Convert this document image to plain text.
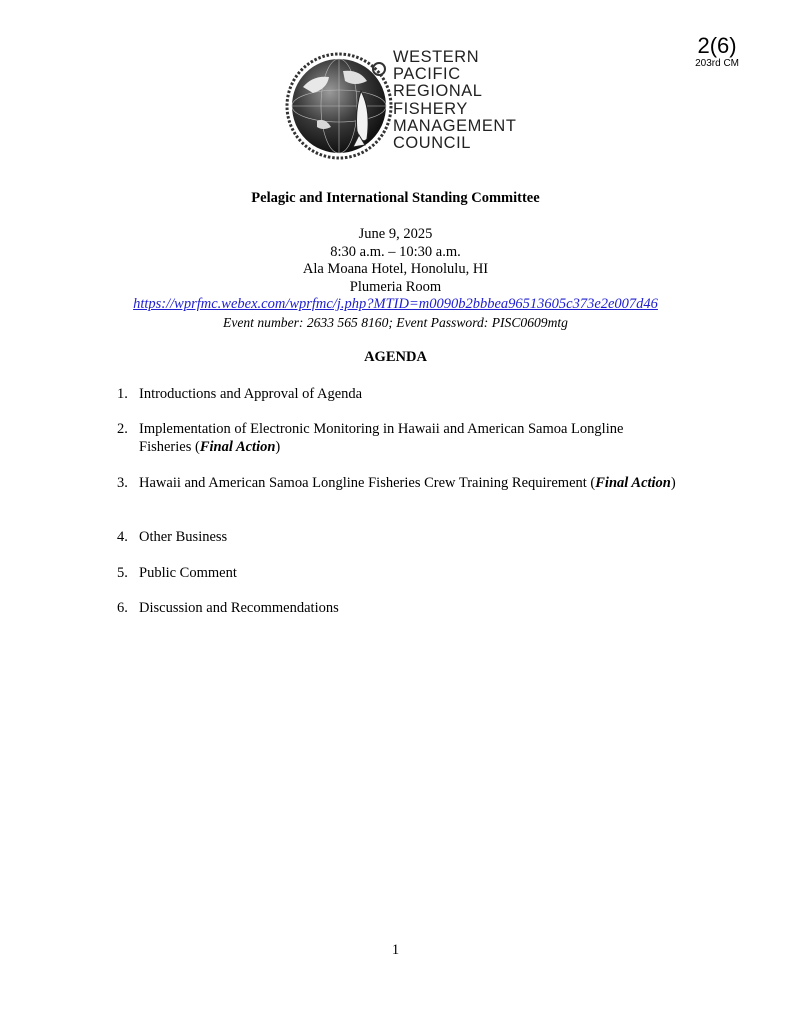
2(6)
203rd CM
WESTERN
PACIFIC
REGIONAL
FISHERY
MANAGEMENT
COUNCIL
Pelagic and International Standing Committee
June 9, 2025
8:30 a.m. – 10:30 a.m.
Ala Moana Hotel, Honolulu, HI
Plumeria Room
https://wprfmc.webex.com/wprfmc/j.php?MTID=m0090b2bbbea96513605c373e2e007d46
Event number: 2633 565 8160; Event Password: PISC0609mtg
AGENDA
1. Introductions and Approval of Agenda
2. Implementation of Electronic Monitoring in Hawaii and American Samoa Longline Fisheries (Final Action)
3. Hawaii and American Samoa Longline Fisheries Crew Training Requirement (Final Action)
4. Other Business
5. Public Comment
6. Discussion and Recommendations
1
